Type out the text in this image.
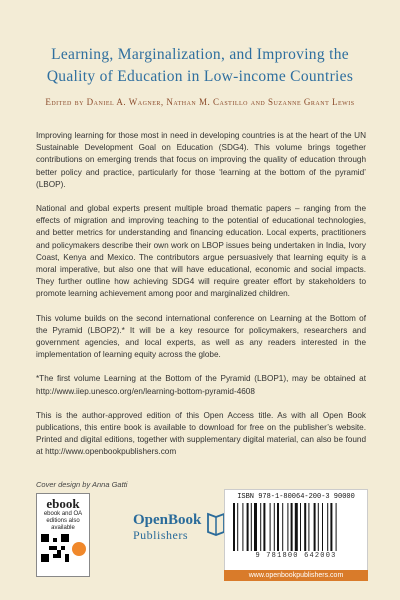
Learning, Marginalization, and Improving the
Quality of Education in Low-income Countries
Edited by Daniel A. Wagner, Nathan M. Castillo and Suzanne Grant Lewis

Improving learning for those most in need in developing countries is at the heart of the UN Sustainable Development Goal on Education (SDG4). This volume brings together contributions on emerging trends that focus on improving the quality of education through better policy and practice, particularly for those ‘learning at the bottom of the pyramid’ (LBOP).

National and global experts present multiple broad thematic papers – ranging from the effects of migration and improving teaching to the potential of educational technologies, and better metrics for understanding and financing education. Local experts, practitioners and policymakers describe their own work on LBOP issues being undertaken in India, Ivory Coast, Kenya and Mexico. The contributors argue persuasively that learning equity is a moral imperative, but also one that will have educational, economic and social impacts. They further outline how achieving SDG4 will require greater effort by stakeholders to promote learning achievement among poor and marginalized children.

This volume builds on the second international conference on Learning at the Bottom of the Pyramid (LBOP2).* It will be a key resource for policymakers, researchers and government agencies, and local experts, as well as any readers interested in the implementation of learning equity across the globe.

*The first volume Learning at the Bottom of the Pyramid (LBOP1), may be obtained at http://www.iiep.unesco.org/en/learning-bottom-pyramid-4608

This is the author-approved edition of this Open Access title. As with all Open Book publications, this entire book is available to download for free on the publisher’s website. Printed and digital editions, together with supplementary digital material, can also be found at http://www.openbookpublishers.com

Cover design by Anna Gatti
ebook
ebook and OA editions also available	OpenBook
Publishers
ISBN 978-1-80064-200-3 90000
9 781800 642003
www.openbookpublishers.com
